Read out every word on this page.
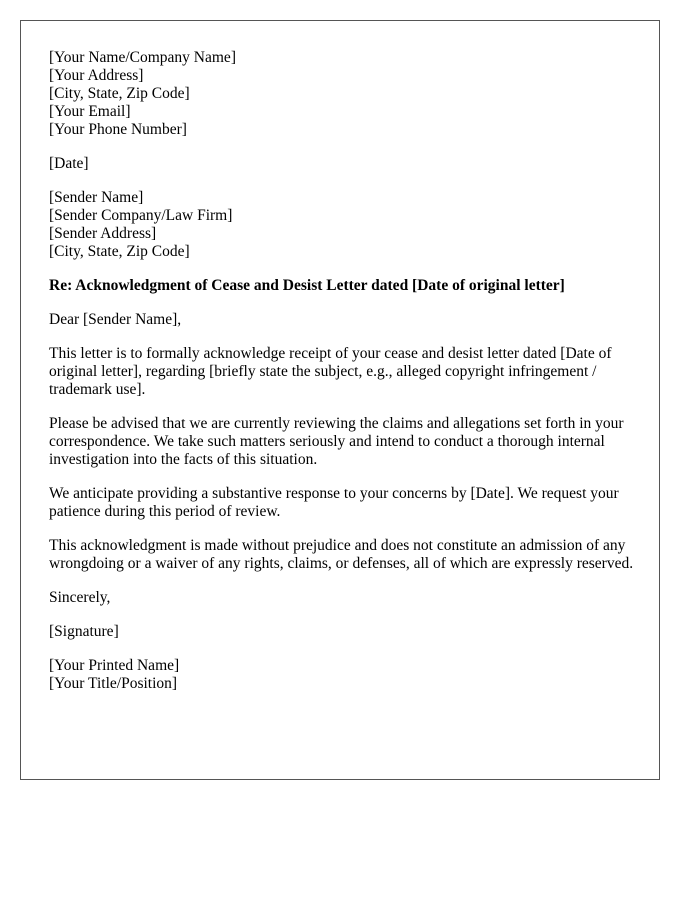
[Your Name/Company Name]
[Your Address]
[City, State, Zip Code]
[Your Email]
[Your Phone Number]
[Date]
[Sender Name]
[Sender Company/Law Firm]
[Sender Address]
[City, State, Zip Code]
Re: Acknowledgment of Cease and Desist Letter dated [Date of original letter]

Dear [Sender Name],

This letter is to formally acknowledge receipt of your cease and desist letter dated [Date of original letter], regarding [briefly state the subject, e.g., alleged copyright infringement / trademark use].

Please be advised that we are currently reviewing the claims and allegations set forth in your correspondence. We take such matters seriously and intend to conduct a thorough internal investigation into the facts of this situation.

We anticipate providing a substantive response to your concerns by [Date]. We request your patience during this period of review.

This acknowledgment is made without prejudice and does not constitute an admission of any wrongdoing or a waiver of any rights, claims, or defenses, all of which are expressly reserved.

Sincerely,

[Signature]

[Your Printed Name]
[Your Title/Position]
